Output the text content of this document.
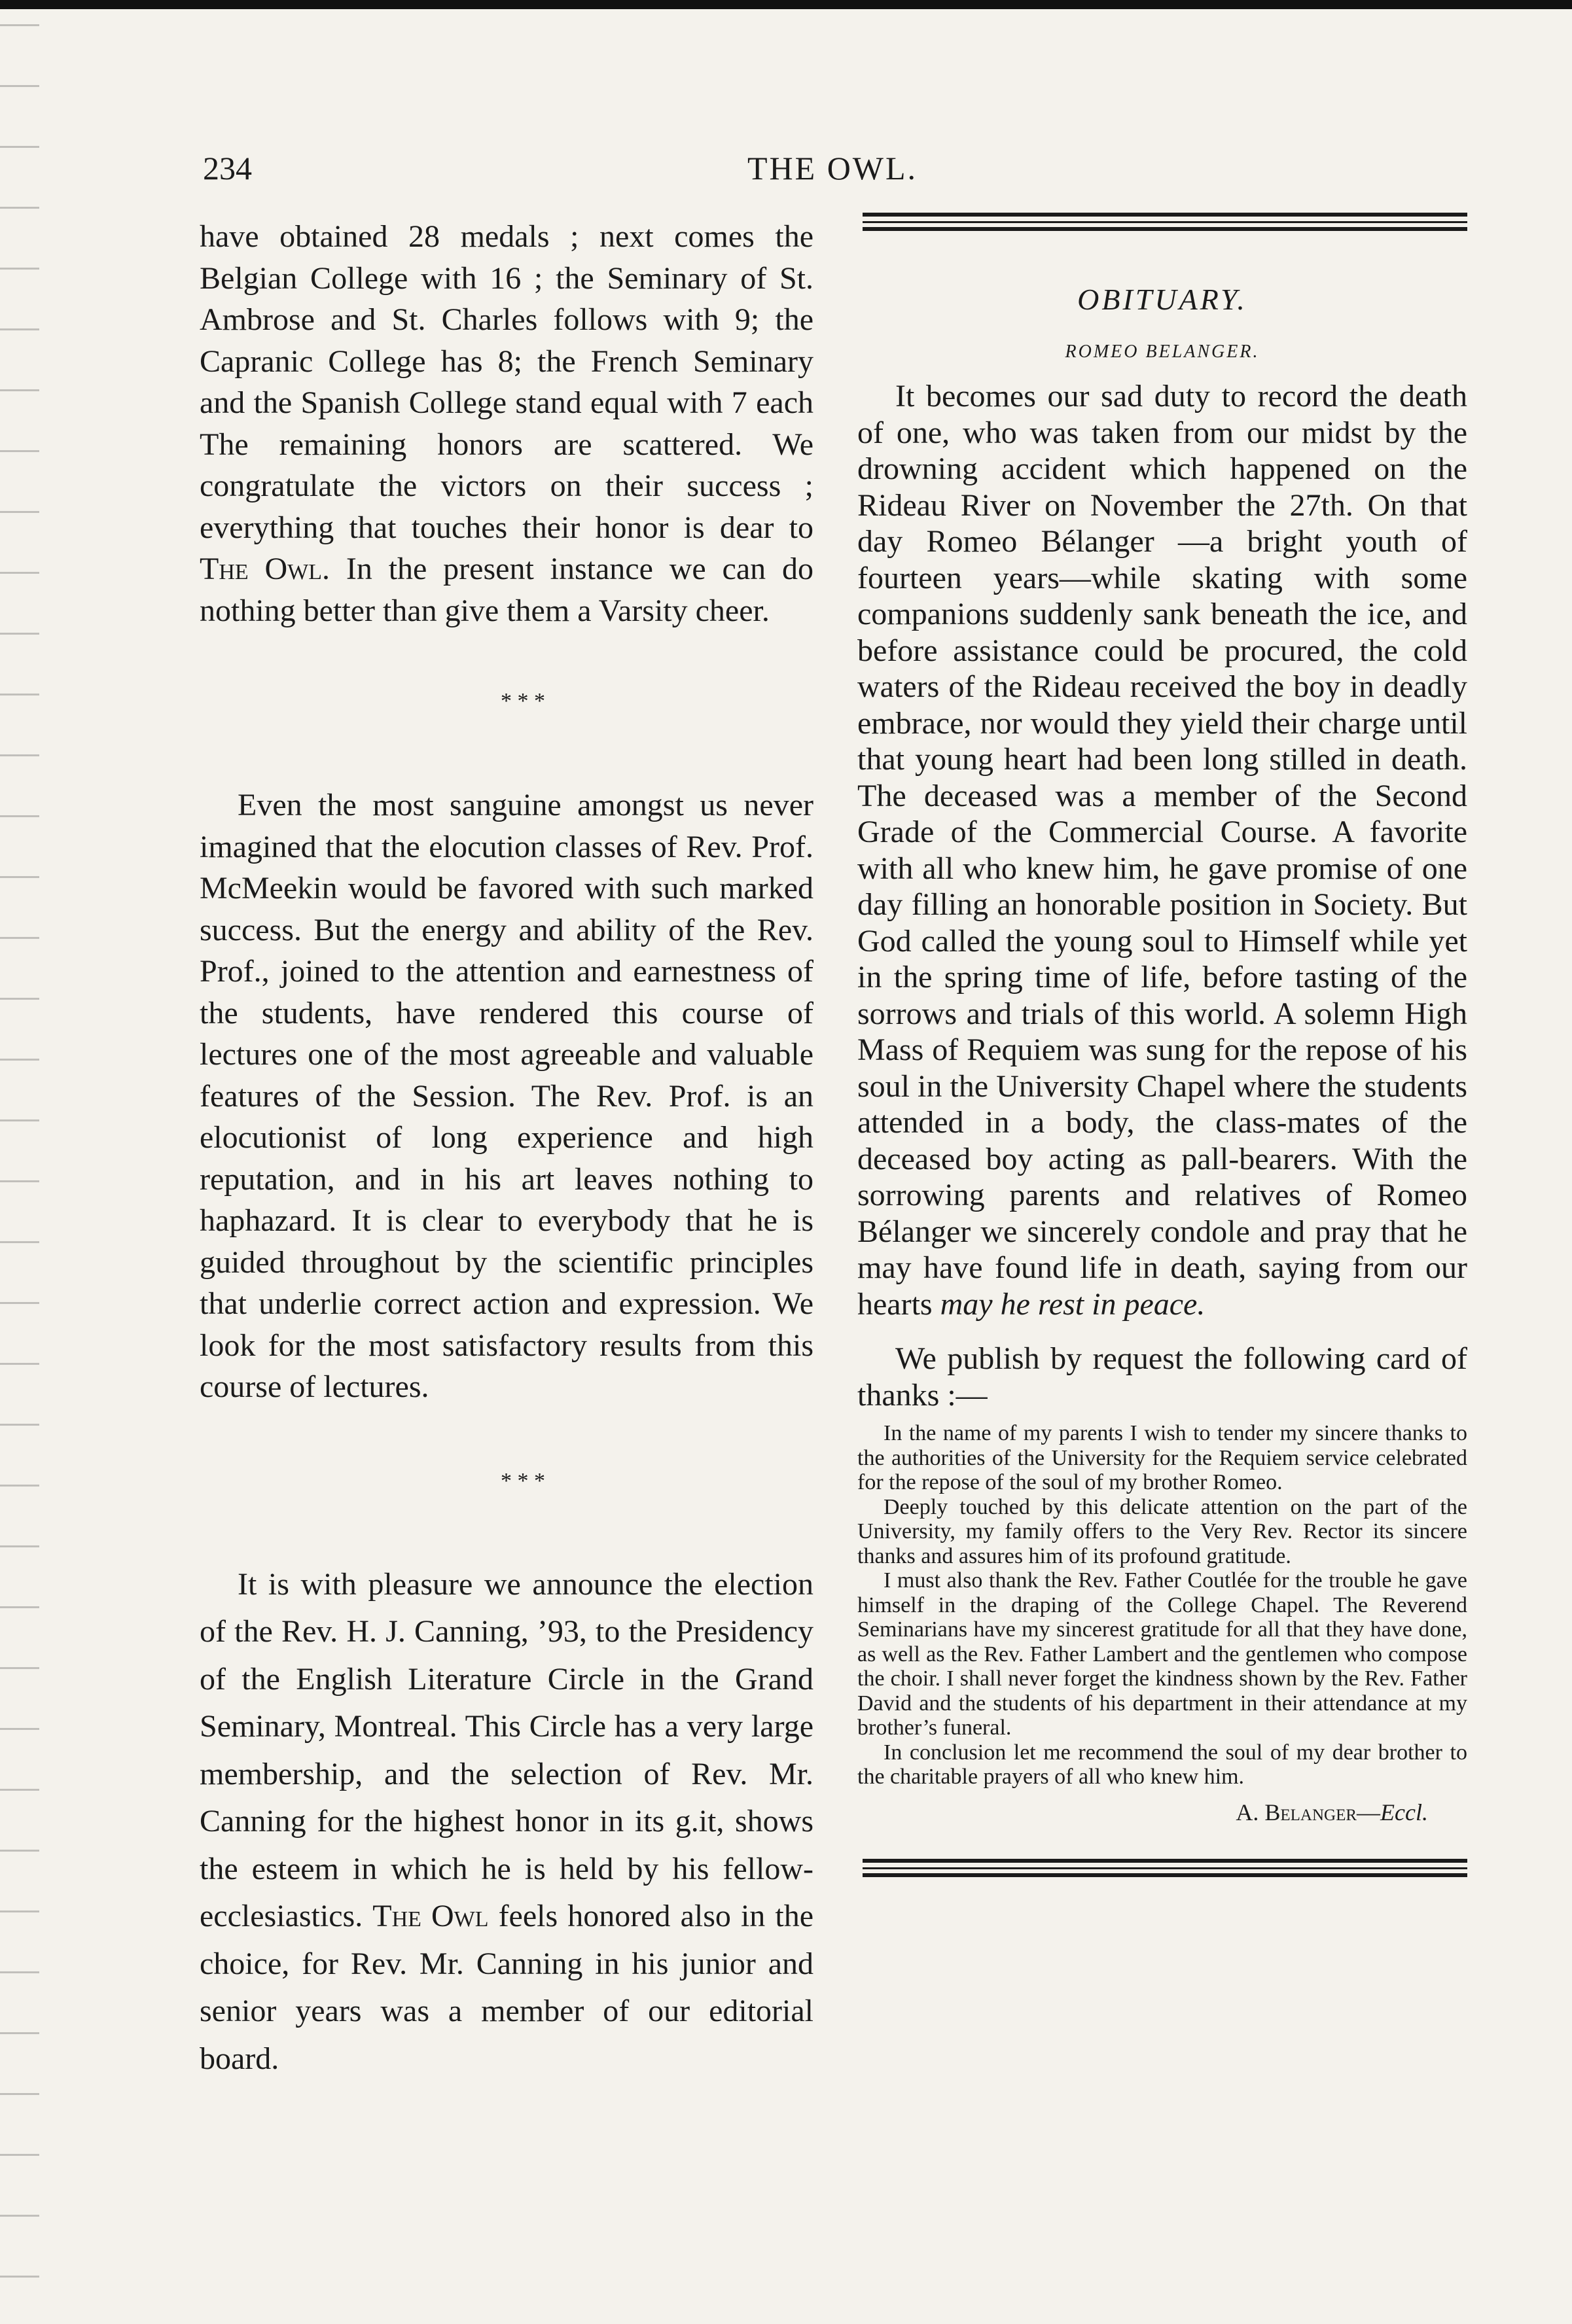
234	THE OWL.

have obtained 28 medals ; next comes the Belgian College with 16 ; the Seminary of St. Ambrose and St. Charles follows with 9; the Capranic College has 8; the French Seminary and the Spanish College stand equal with 7 each The remaining honors are scattered. We congratulate the victors on their success ; everything that touches their honor is dear to The Owl. In the present instance we can do nothing better than give them a Varsity cheer.

* * *

Even the most sanguine amongst us never imagined that the elocution classes of Rev. Prof. McMeekin would be favored with such marked success. But the energy and ability of the Rev. Prof., joined to the attention and earnestness of the students, have rendered this course of lectures one of the most agreeable and valuable features of the Session. The Rev. Prof. is an elocutionist of long experience and high reputation, and in his art leaves nothing to haphazard. It is clear to everybody that he is guided throughout by the scientific principles that underlie correct action and expression. We look for the most satisfactory results from this course of lectures.

* * *

It is with pleasure we announce the election of the Rev. H. J. Canning, ’93, to the Presidency of the English Literature Circle in the Grand Seminary, Montreal. This Circle has a very large membership, and the selection of Rev. Mr. Canning for the highest honor in its g.it, shows the esteem in which he is held by his fellow-ecclesiastics. The Owl feels honored also in the choice, for Rev. Mr. Canning in his junior and senior years was a member of our editorial board.

OBITUARY.
ROMEO BELANGER.

It becomes our sad duty to record the death of one, who was taken from our midst by the drowning accident which happened on the Rideau River on November the 27th. On that day Romeo Bélanger —a bright youth of fourteen years—while skating with some companions suddenly sank beneath the ice, and before assistance could be procured, the cold waters of the Rideau received the boy in deadly embrace, nor would they yield their charge until that young heart had been long stilled in death. The deceased was a member of the Second Grade of the Commercial Course. A favorite with all who knew him, he gave promise of one day filling an honorable position in Society. But God called the young soul to Himself while yet in the spring time of life, before tasting of the sorrows and trials of this world. A solemn High Mass of Requiem was sung for the repose of his soul in the University Chapel where the students attended in a body, the class-mates of the deceased boy acting as pall-bearers. With the sorrowing parents and relatives of Romeo Bélanger we sincerely condole and pray that he may have found life in death, saying from our hearts may he rest in peace.

We publish by request the following card of thanks :—

In the name of my parents I wish to tender my sincere thanks to the authorities of the University for the Requiem service celebrated for the repose of the soul of my brother Romeo.

Deeply touched by this delicate attention on the part of the University, my family offers to the Very Rev. Rector its sincere thanks and assures him of its profound gratitude.

I must also thank the Rev. Father Coutlée for the trouble he gave himself in the draping of the College Chapel. The Reverend Seminarians have my sincerest gratitude for all that they have done, as well as the Rev. Father Lambert and the gentlemen who compose the choir. I shall never forget the kindness shown by the Rev. Father David and the students of his department in their attendance at my brother’s funeral.

In conclusion let me recommend the soul of my dear brother to the charitable prayers of all who knew him.

A. Belanger—Eccl.
